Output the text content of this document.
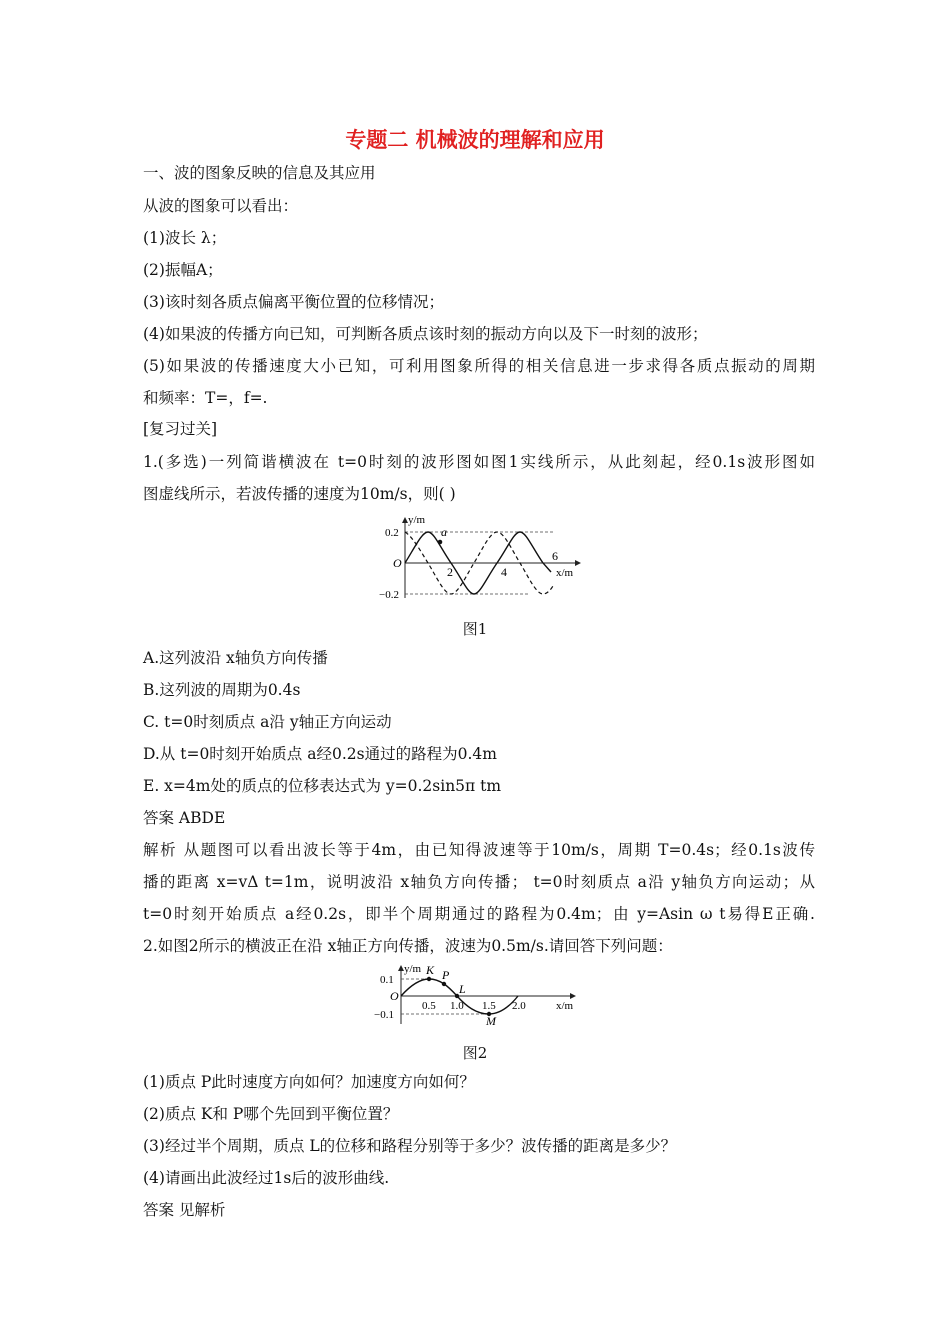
专题二 机械波的理解和应用
一、波的图象反映的信息及其应用
从波的图象可以看出：
(1)波长 λ；
(2)振幅A；
(3)该时刻各质点偏离平衡位置的位移情况；
(4)如果波的传播方向已知，可判断各质点该时刻的振动方向以及下一时刻的波形；
(5)如果波的传播速度大小已知，可利用图象所得的相关信息进一步求得各质点振动的周期
和频率：T=，f=.
[复习过关]
1.(多选)一列简谐横波在 t=0时刻的波形图如图1实线所示，从此刻起，经0.1s波形图如
图虚线所示，若波传播的速度为10m/s，则( )
y/m
a
0.2
−0.2
O
2	4
6
x/m
图1
A.这列波沿 x轴负方向传播
B.这列波的周期为0.4s
C. t=0时刻质点 a沿 y轴正方向运动
D.从 t=0时刻开始质点 a经0.2s通过的路程为0.4m
E. x=4m处的质点的位移表达式为 y=0.2sin5π tm
答案 ABDE
解析 从题图可以看出波长等于4m，由已知得波速等于10m/s，周期 T=0.4s；经0.1s波传
播的距离 x=vΔ t=1m，说明波沿 x轴负方向传播； t=0时刻质点 a沿 y轴负方向运动；从
t=0时刻开始质点 a经0.2s，即半个周期通过的路程为0.4m；由 y=Asin ω t易得E正确.
2.如图2所示的横波正在沿 x轴正方向传播，波速为0.5m/s.请回答下列问题：
y/m K P
L
M
0.1
−0.1
O
0.5 1.0 1.5 2.0	x/m
图2
(1)质点 P此时速度方向如何？加速度方向如何？
(2)质点 K和 P哪个先回到平衡位置？
(3)经过半个周期，质点 L的位移和路程分别等于多少？波传播的距离是多少？
(4)请画出此波经过1s后的波形曲线.
答案 见解析
